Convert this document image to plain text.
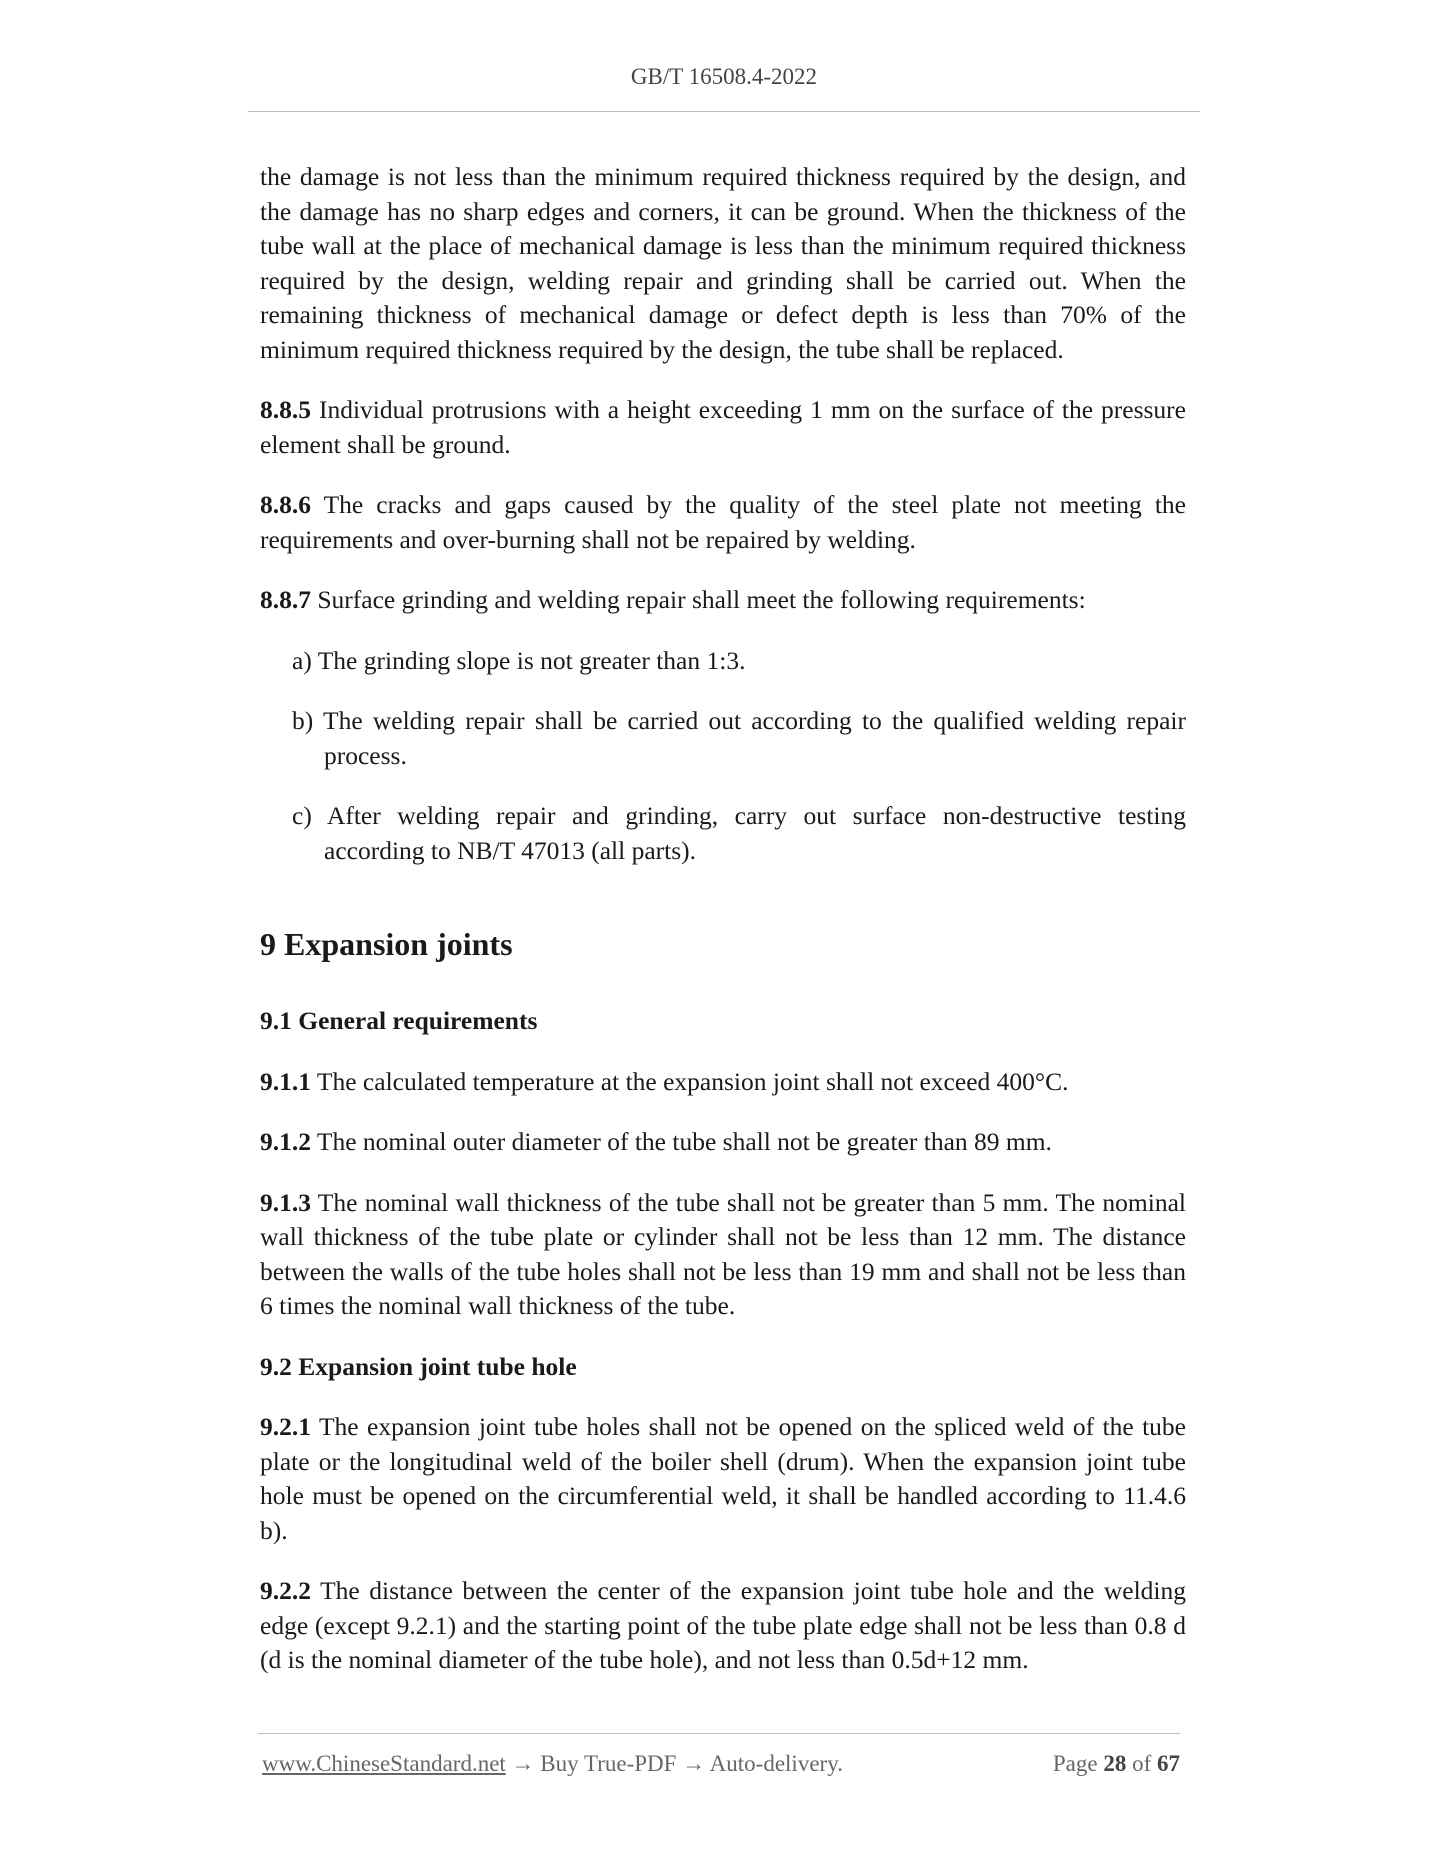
GB/T 16508.4-2022

the damage is not less than the minimum required thickness required by the design, and the damage has no sharp edges and corners, it can be ground. When the thickness of the tube wall at the place of mechanical damage is less than the minimum required thickness required by the design, welding repair and grinding shall be carried out. When the remaining thickness of mechanical damage or defect depth is less than 70% of the minimum required thickness required by the design, the tube shall be replaced.

8.8.5 Individual protrusions with a height exceeding 1 mm on the surface of the pressure element shall be ground.

8.8.6 The cracks and gaps caused by the quality of the steel plate not meeting the requirements and over-burning shall not be repaired by welding.

8.8.7 Surface grinding and welding repair shall meet the following requirements:

a) The grinding slope is not greater than 1:3.
b) The welding repair shall be carried out according to the qualified welding repair process.
c) After welding repair and grinding, carry out surface non-destructive testing according to NB/T 47013 (all parts).
9 Expansion joints
9.1 General requirements

9.1.1 The calculated temperature at the expansion joint shall not exceed 400°C.

9.1.2 The nominal outer diameter of the tube shall not be greater than 89 mm.

9.1.3 The nominal wall thickness of the tube shall not be greater than 5 mm. The nominal wall thickness of the tube plate or cylinder shall not be less than 12 mm. The distance between the walls of the tube holes shall not be less than 19 mm and shall not be less than 6 times the nominal wall thickness of the tube.

9.2 Expansion joint tube hole

9.2.1 The expansion joint tube holes shall not be opened on the spliced weld of the tube plate or the longitudinal weld of the boiler shell (drum). When the expansion joint tube hole must be opened on the circumferential weld, it shall be handled according to 11.4.6 b).

9.2.2 The distance between the center of the expansion joint tube hole and the welding edge (except 9.2.1) and the starting point of the tube plate edge shall not be less than 0.8 d (d is the nominal diameter of the tube hole), and not less than 0.5d+12 mm.

www.ChineseStandard.net → Buy True-PDF → Auto-delivery.	Page 28 of 67
